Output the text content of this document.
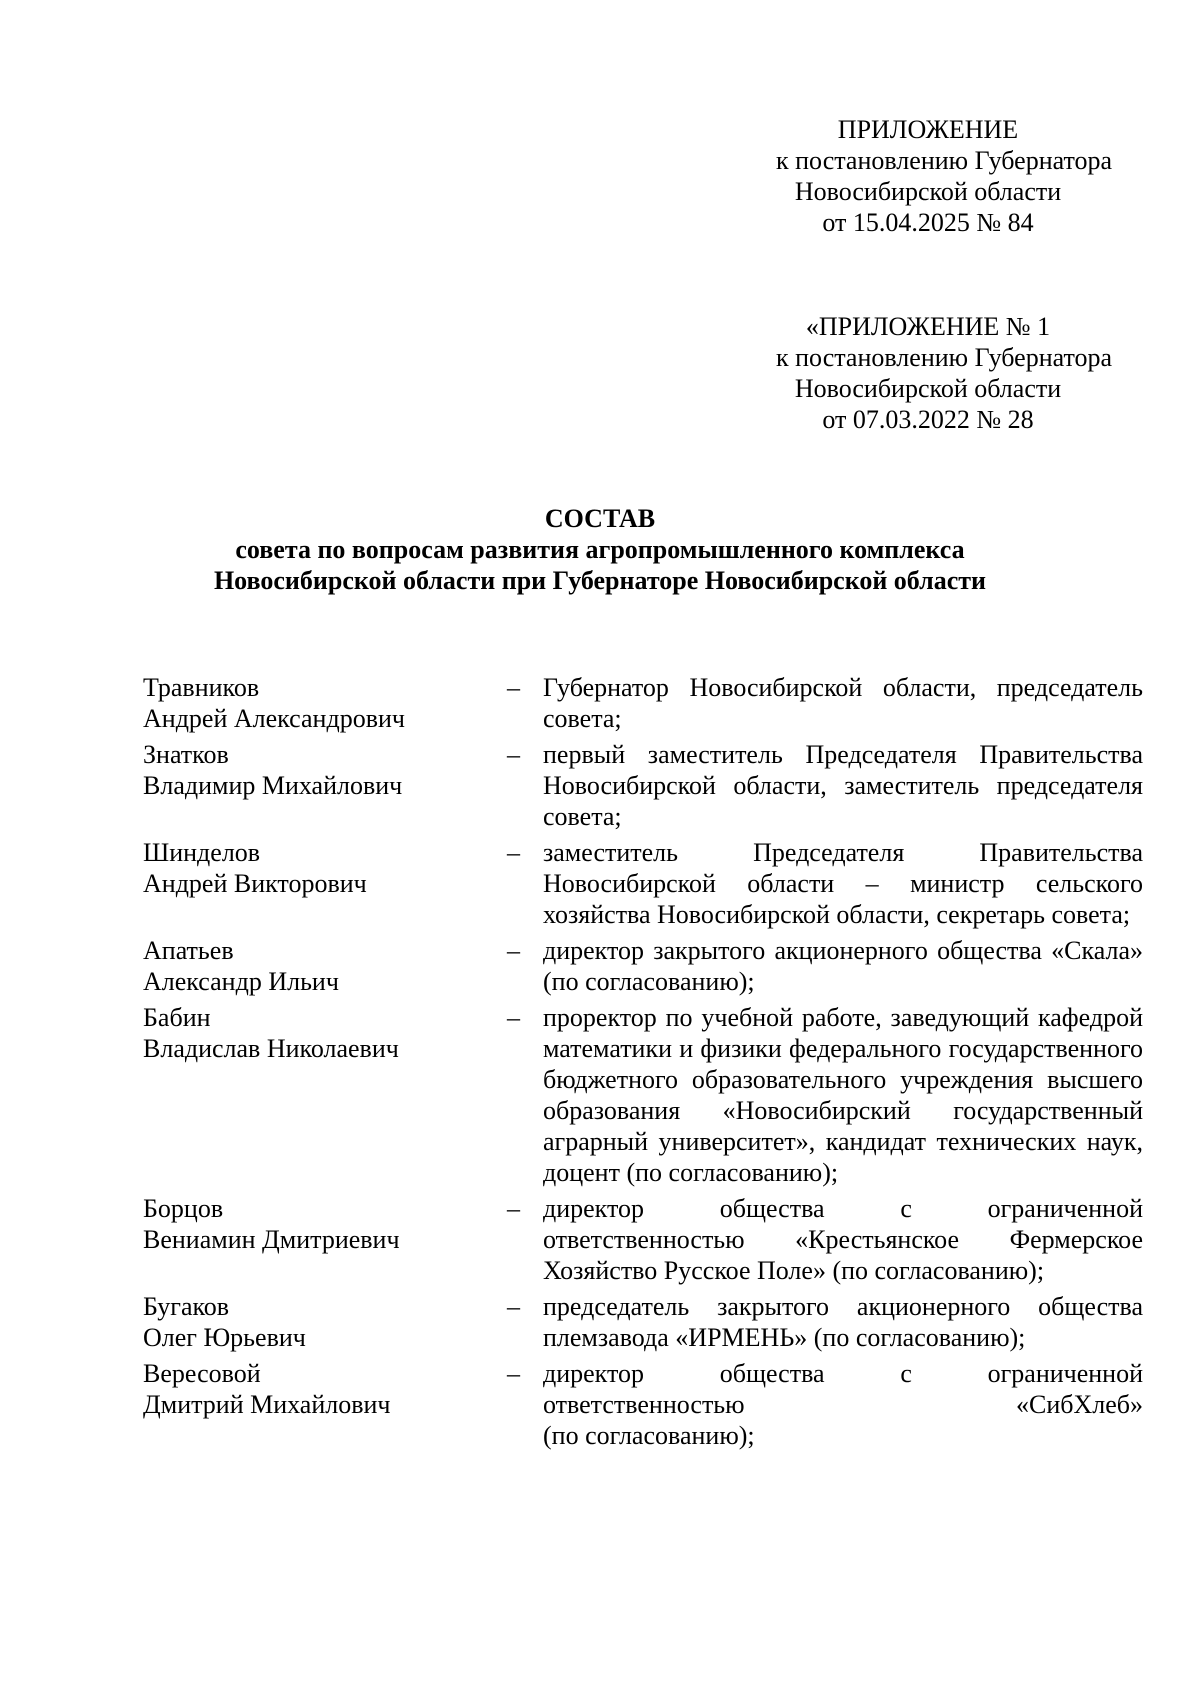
ПРИЛОЖЕНИЕ
к постановлению Губернатора
Новосибирской области
от 15.04.2025 № 84
«ПРИЛОЖЕНИЕ № 1
к постановлению Губернатора
Новосибирской области
от 07.03.2022 № 28
СОСТАВ
совета по вопросам развития агропромышленного комплекса
Новосибирской области при Губернаторе Новосибирской области
Травников
Андрей Александрович
– Губернатор Новосибирской области, председатель совета;
Знатков
Владимир Михайлович
– первый заместитель Председателя Правительства Новосибирской области, заместитель председателя совета;
Шинделов
Андрей Викторович
– заместитель Председателя Правительства Новосибирской области – министр сельского хозяйства Новосибирской области, секретарь совета;
Апатьев
Александр Ильич
– директор закрытого акционерного общества «Скала» (по согласованию);
Бабин
Владислав Николаевич
– проректор по учебной работе, заведующий кафедрой математики и физики федерального государственного бюджетного образовательного учреждения высшего образования «Новосибирский государственный аграрный университет», кандидат технических наук, доцент (по согласованию);
Борцов
Вениамин Дмитриевич
– директор общества с ограниченной ответственностью «Крестьянское Фермерское Хозяйство Русское Поле» (по согласованию);
Бугаков
Олег Юрьевич
– председатель закрытого акционерного общества племзавода «ИРМЕНЬ» (по согласованию);
Вересовой
Дмитрий Михайлович
– директор общества с ограниченной ответственностью «СибХлеб»
(по согласованию);
